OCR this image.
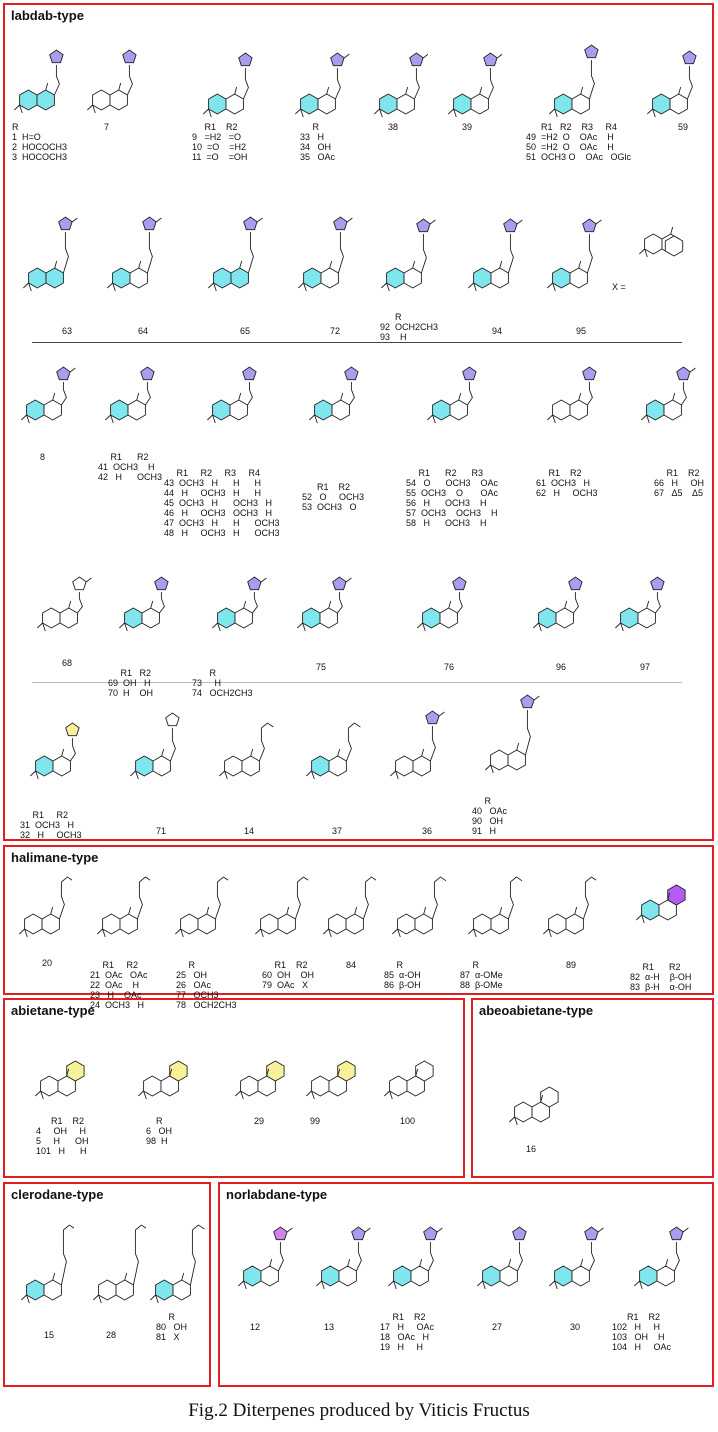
labdab-type
halimane-type
abietane-type	abeoabietane-type
clerodane-type	norlabdane-type
R
1  H=O
2  HOCOCH3
3  HOCOCH3
7	R1    R2
9   =H2   =O
10  =O    =H2
11  =O    =OH
R
33   H
34   OH
35   OAc
38	39	R1   R2    R3     R4
49  =H2  O    OAc    H
50  =H2  O    OAc    H
51  OCH3 O    OAc   OGlc
59
63	64	65	72
R
92  OCH2CH3
93    H
94	95
X =
8	R1      R2
41  OCH3    H
42   H      OCH3	R1     R2     R3     R4
43  OCH3   H      H      H
44   H     OCH3   H      H
45  OCH3   H      OCH3   H
46   H     OCH3   OCH3   H
47  OCH3   H      H      OCH3
48   H     OCH3   H      OCH3
R1    R2
52   O     OCH3
53  OCH3   O
R1      R2      R3
54   O      OCH3    OAc
55  OCH3    O       OAc
56   H      OCH3    H
57  OCH3    OCH3    H
58   H      OCH3    H
R1    R2
61  OCH3   H
62   H     OCH3
R1    R2
66   H     OH
67   Δ5    Δ5
68
R1   R2
69  OH   H
70  H    OH
R
73     H
74   OCH2CH3
75	76	96	97
R1     R2
31  OCH3   H
32   H     OCH3	71	14	37	36
R
40   OAc
90   OH
91   H
20	R1     R2
21  OAc   OAc
22  OAc    H
23   H    OAc
24  OCH3   H
R
25   OH
26   OAc
77   OCH3
78   OCH2CH3
R1    R2
60  OH    OH
79  OAc   X
84	R
85  α-OH
86  β-OH
R
87  α-OMe
88  β-OMe
89	R1      R2
82  α-H    β-OH
83  β-H    α-OH
R1    R2
4     OH     H
5     H      OH
101   H      H
R
6   OH
98  H
29	99	100
16
15	28
R
80   OH
81   X
12	13
R1    R2
17   H     OAc
18   OAc   H
19   H     H
27	30
R1    R2
102   H     H
103   OH    H
104   H     OAc
Fig.2 Diterpenes produced by Viticis Fructus
